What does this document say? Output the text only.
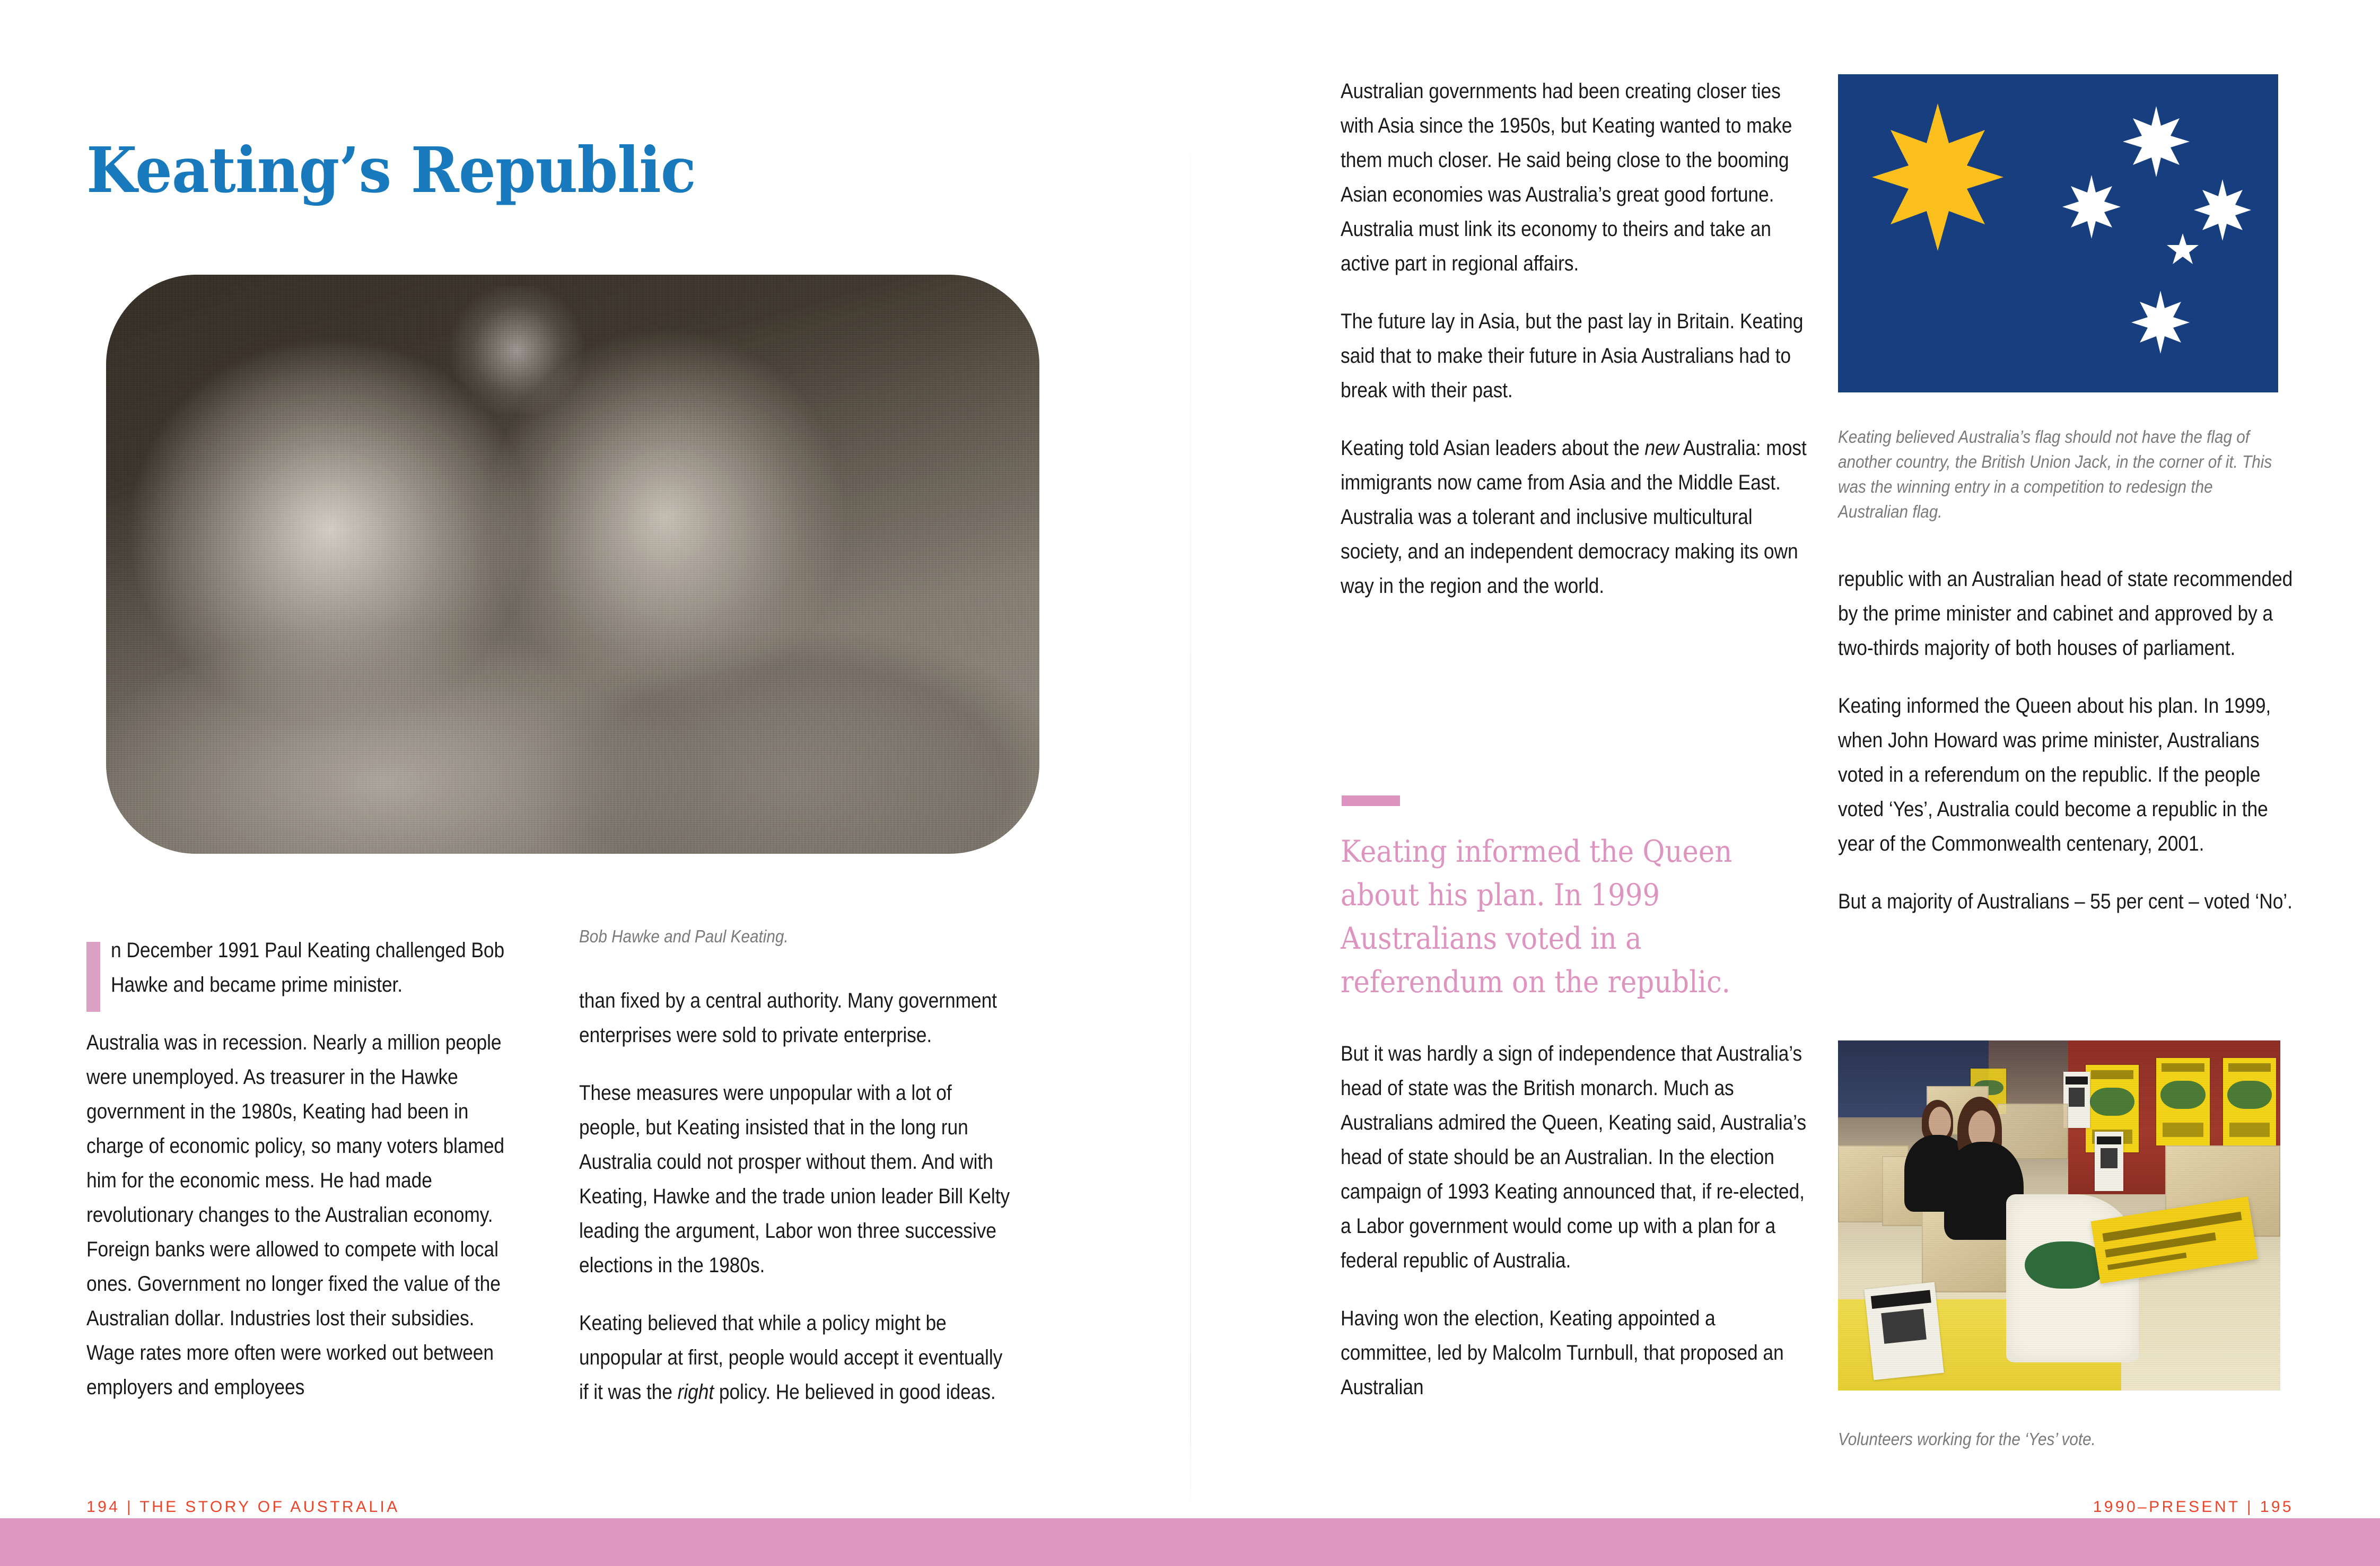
Keating’s Republic

n December 1991 Paul Keating challenged Bob Hawke and became prime minister.

Australia was in recession. Nearly a million people were unemployed. As treasurer in the Hawke government in the 1980s, Keating had been in charge of economic policy, so many voters blamed him for the economic mess. He had made revolutionary changes to the Australian economy. Foreign banks were allowed to compete with local ones. Government no longer fixed the value of the Australian dollar. Industries lost their subsidies. Wage rates more often were worked out between employers and employees

Bob Hawke and Paul Keating.

than fixed by a central authority. Many government enterprises were sold to private enterprise.

These measures were unpopular with a lot of people, but Keating insisted that in the long run Australia could not prosper without them. And with Keating, Hawke and the trade union leader Bill Kelty leading the argument, Labor won three successive elections in the 1980s.

Keating believed that while a policy might be unpopular at first, people would accept it eventually if it was the right policy. He believed in good ideas.

194 | THE STORY OF AUSTRALIA

Australian governments had been creating closer ties with Asia since the 1950s, but Keating wanted to make them much closer. He said being close to the booming Asian economies was Australia’s great good fortune. Australia must link its economy to theirs and take an active part in regional affairs.

The future lay in Asia, but the past lay in Britain. Keating said that to make their future in Asia Australians had to break with their past.

Keating told Asian leaders about the new Australia: most immigrants now came from Asia and the Middle East. Australia was a tolerant and inclusive multicultural society, and an independent democracy making its own way in the region and the world.

Keating informed the Queen about his plan. In 1999 Australians voted in a referendum on the republic.

But it was hardly a sign of independence that Australia’s head of state was the British monarch. Much as Australians admired the Queen, Keating said, Australia’s head of state should be an Australian. In the election campaign of 1993 Keating announced that, if re-elected, a Labor government would come up with a plan for a federal republic of Australia.

Having won the election, Keating appointed a committee, led by Malcolm Turnbull, that proposed an Australian

Keating believed Australia’s flag should not have the flag of another country, the British Union Jack, in the corner of it. This was the winning entry in a competition to redesign the Australian flag.

republic with an Australian head of state recommended by the prime minister and cabinet and approved by a two-thirds majority of both houses of parliament.

Keating informed the Queen about his plan. In 1999, when John Howard was prime minister, Australians voted in a referendum on the republic. If the people voted ‘Yes’, Australia could become a republic in the year of the Commonwealth centenary, 2001.

But a majority of Australians – 55 per cent – voted ‘No’.

Volunteers working for the ‘Yes’ vote.

1990–PRESENT | 195
